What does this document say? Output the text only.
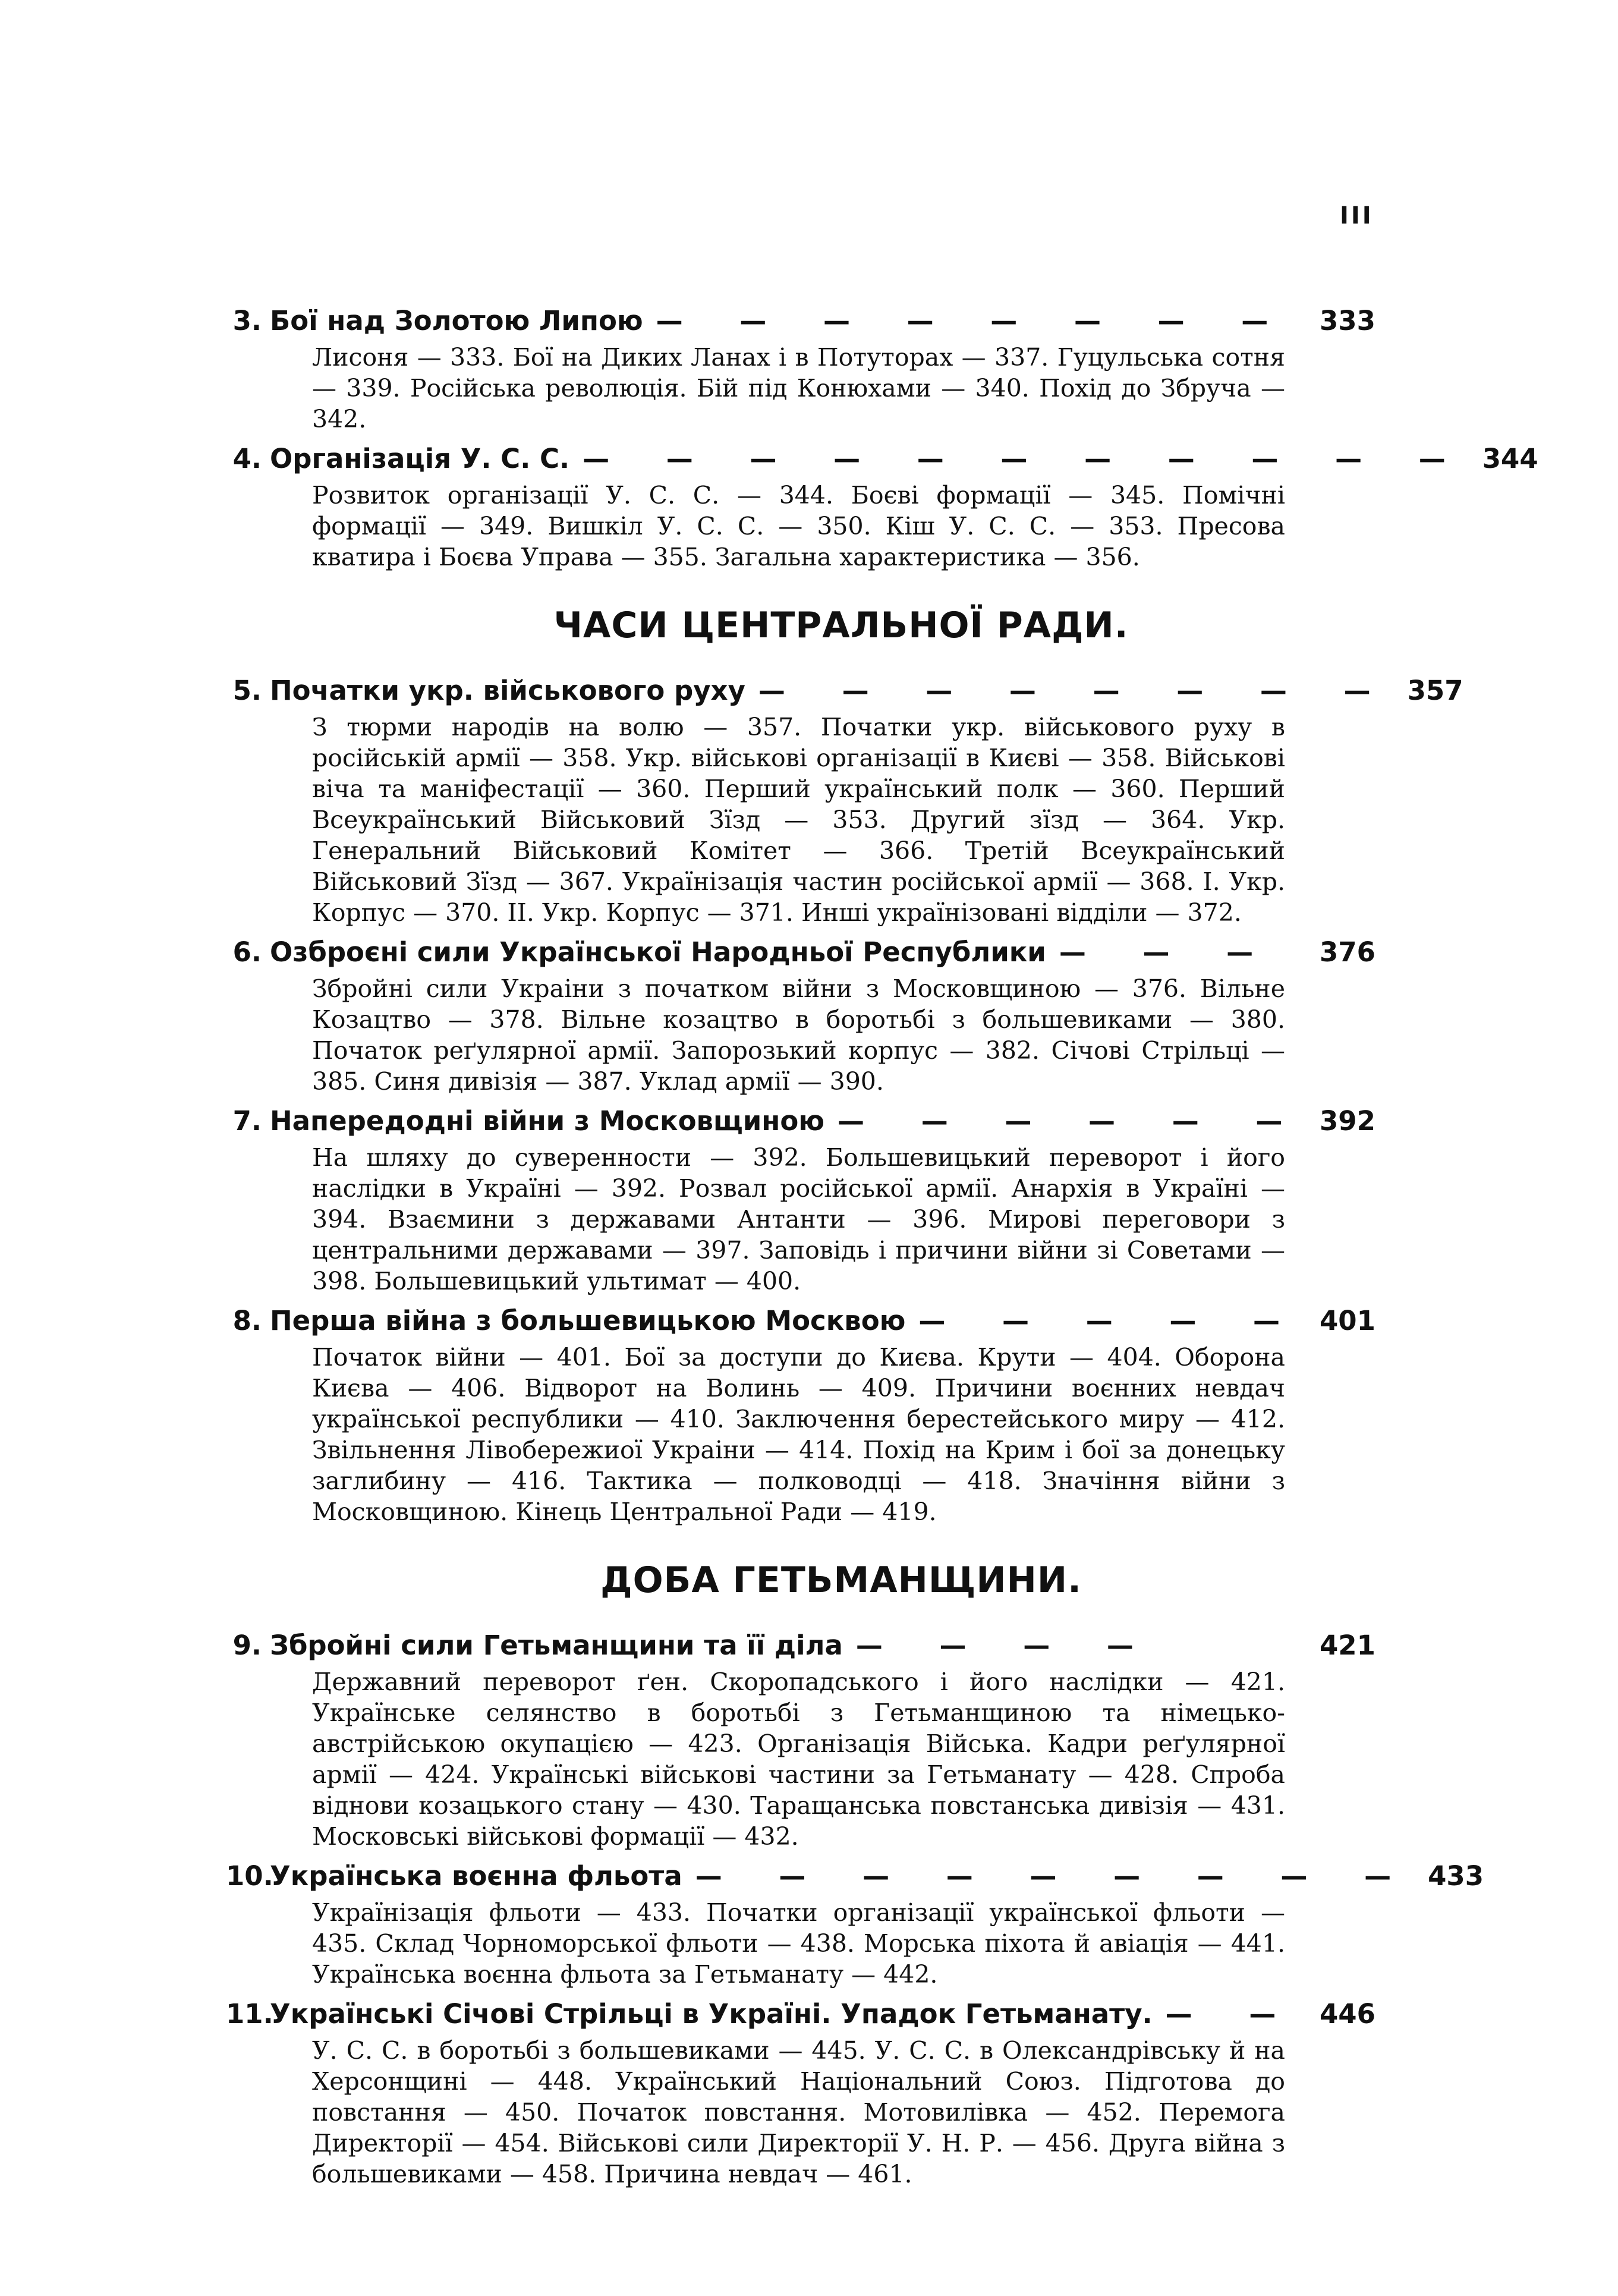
III
3. Бої над Золотою Липою — — — — — — — —	333
Лисоня — 333. Бої на Диких Ланах і в Потуторах — 337. Гуцульська сотня — 339. Російська революція. Бій під Конюхами — 340. Похід до Збруча — 342.
4. Організація У. С. С. — — — — — — — — — — — 344
Розвиток організації У. С. С. — 344. Боєві формації — 345. Помічні формації — 349. Вишкіл У. С. С. — 350. Кіш У. С. С. — 353. Пресова кватира і Боєва Управа — 355. Загальна характеристика — 356.
ЧАСИ ЦЕНТРАЛЬНОЇ РАДИ.
5. Початки укр. військового руху — — — — — — — — 357
З тюрми народів на волю — 357. Початки укр. військового руху в російській армії — 358. Укр. військові організації в Києві — 358. Військові віча та маніфестації — 360. Перший український полк — 360. Перший Всеукраїнський Військовий Зїзд — 353. Другий зїзд — 364. Укр. Генеральний Військовий Комітет — 366. Третій Всеукраїнський Військовий Зїзд — 367. Українізація частин російської армії — 368. I. Укр. Корпус — 370. II. Укр. Корпус — 371. Инші українізовані відділи — 372.
6. Озброєні сили Української Народньої Республики — — —	376
Збройні сили Украіни з початком війни з Московщиною — 376. Вільне Козацтво — 378. Вільне козацтво в боротьбі з большевиками — 380. Початок реґулярної армії. Запорозький корпус — 382. Січові Стрільці — 385. Синя дивізія — 387. Уклад армії — 390.
7. Напередодні війни з Московщиною — — — — — — 392
На шляху до суверенности — 392. Большевицький переворот і його наслідки в Україні — 392. Розвал російської армії. Анархія в Україні — 394. Взаємини з державами Антанти — 396. Мирові переговори з центральними державами — 397. Заповідь і причини війни зі Советами — 398. Большевицький ультимат — 400.
8. Перша війна з большевицькою Москвою — — — — — 401
Початок війни — 401. Бої за доступи до Києва. Крути — 404. Оборона Києва — 406. Відворот на Волинь — 409. Причини воєнних невдач української республики — 410. Заключення берестейського миру — 412. Звільнення Лівобережиої Украіни — 414. Похід на Крим і бої за донецьку заглибину — 416. Тактика — полководці — 418. Значіння війни з Московщиною. Кінець Центральної Ради — 419.
ДОБА ГЕТЬМАНЩИНИ.
9. Збройні сили Гетьманщини та її діла — — — —	421
Державний переворот ґен. Скоропадського і його наслідки — 421. Українське селянство в боротьбі з Гетьманщиною та німецько-австрійською окупацією — 423. Організація Війська. Кадри реґулярної армії — 424. Українські військові частини за Гетьманату — 428. Спроба віднови козацького стану — 430. Таращанська повстанська дивізія — 431. Московські військові формації — 432.
10.
Українська воєнна фльота — — — — — — — — — 433
Українізація фльоти — 433. Початки організації української фльоти — 435. Склад Чорноморської фльоти — 438. Морська піхота й авіація — 441. Українська воєнна фльота за Гетьманату — 442.
11.
Українські Січові Стрільці в Україні. Упадок Гетьманату. — — 446
У. С. С. в боротьбі з большевиками — 445. У. С. С. в Олександрівську й на Херсонщині — 448. Український Національний Союз. Підготова до повстання — 450. Початок повстання. Мотовилівка — 452. Перемога Директорії — 454. Військові сили Директорії У. Н. Р. — 456. Друга війна з большевиками — 458. Причина невдач — 461.
